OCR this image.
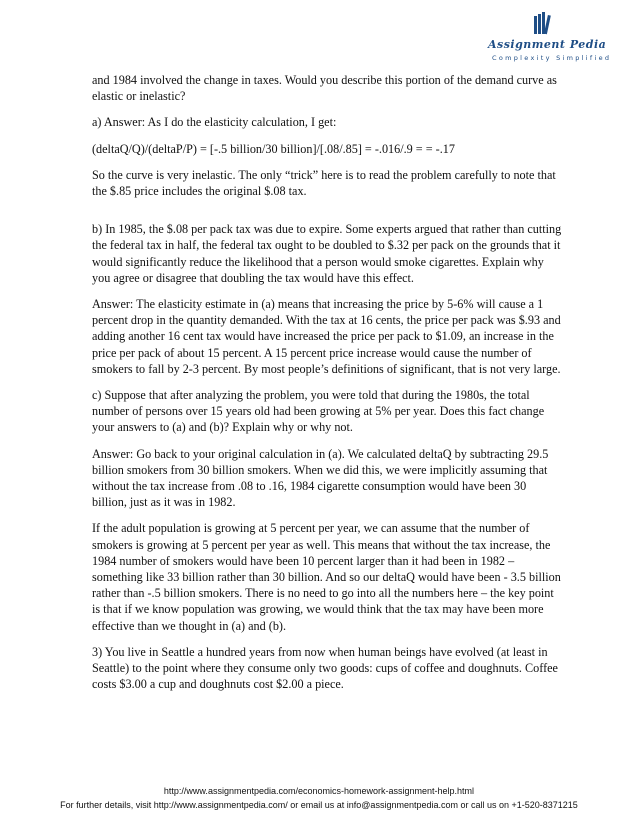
Assignment Pedia
Complexity Simplified

and 1984 involved the change in taxes. Would you describe this portion of the demand curve as elastic or inelastic?

a) Answer: As I do the elasticity calculation, I get:

(deltaQ/Q)/(deltaP/P) = [-.5 billion/30 billion]/[.08/.85] = -.016/.9 = = -.17

So the curve is very inelastic. The only “trick” here is to read the problem carefully to note that the $.85 price includes the original $.08 tax.

b) In 1985, the $.08 per pack tax was due to expire. Some experts argued that rather than cutting the federal tax in half, the federal tax ought to be doubled to $.32 per pack on the grounds that it would significantly reduce the likelihood that a person would smoke cigarettes. Explain why you agree or disagree that doubling the tax would have this effect.

Answer: The elasticity estimate in (a) means that increasing the price by 5-6% will cause a 1 percent drop in the quantity demanded. With the tax at 16 cents, the price per pack was $.93 and adding another 16 cent tax would have increased the price per pack to $1.09, an increase in the price per pack of about 15 percent. A 15 percent price increase would cause the number of smokers to fall by 2-3 percent. By most people’s definitions of significant, that is not very large.

c) Suppose that after analyzing the problem, you were told that during the 1980s, the total number of persons over 15 years old had been growing at 5% per year. Does this fact change your answers to (a) and (b)? Explain why or why not.

Answer: Go back to your original calculation in (a). We calculated deltaQ by subtracting 29.5 billion smokers from 30 billion smokers. When we did this, we were implicitly assuming that without the tax increase from .08 to .16, 1984 cigarette consumption would have been 30 billion, just as it was in 1982.

If the adult population is growing at 5 percent per year, we can assume that the number of smokers is growing at 5 percent per year as well. This means that without the tax increase, the 1984 number of smokers would have been 10 percent larger than it had been in 1982 – something like 33 billion rather than 30 billion. And so our deltaQ would have been - 3.5 billion rather than -.5 billion smokers. There is no need to go into all the numbers here – the key point is that if we know population was growing, we would think that the tax may have been more effective than we thought in (a) and (b).

3) You live in Seattle a hundred years from now when human beings have evolved (at least in Seattle) to the point where they consume only two goods: cups of coffee and doughnuts. Coffee costs $3.00 a cup and doughnuts cost $2.00 a piece.

http://www.assignmentpedia.com/economics-homework-assignment-help.html
For further details, visit http://www.assignmentpedia.com/ or email us at info@assignmentpedia.com or call us on +1-520-8371215
